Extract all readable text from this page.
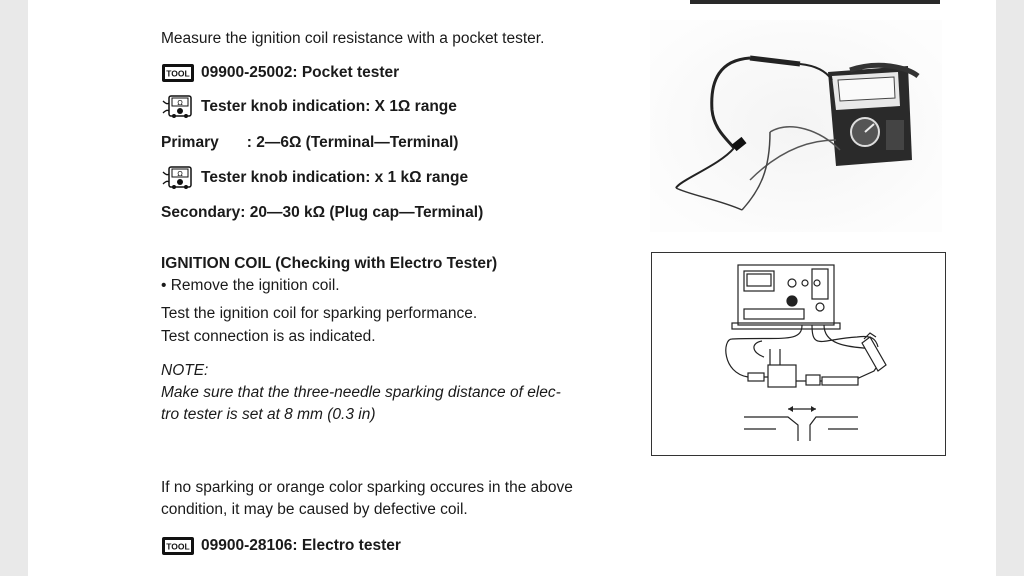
Measure the ignition coil resistance with a pocket tester.
TOOL 09900-25002: Pocket tester
Ω Tester knob indication: X 1Ω range
Primary : 2—6Ω (Terminal—Terminal)
Ω Tester knob indication: x 1 kΩ range
Secondary: 20—30 kΩ (Plug cap—Terminal)
IGNITION COIL (Checking with Electro Tester)
• Remove the ignition coil.
Test the ignition coil for sparking performance.
Test connection is as indicated.
NOTE:
Make sure that the three-needle sparking distance of elec-
tro tester is set at 8 mm (0.3 in)
If no sparking or orange color sparking occures in the above
condition, it may be caused by defective coil.
TOOL 09900-28106: Electro tester
